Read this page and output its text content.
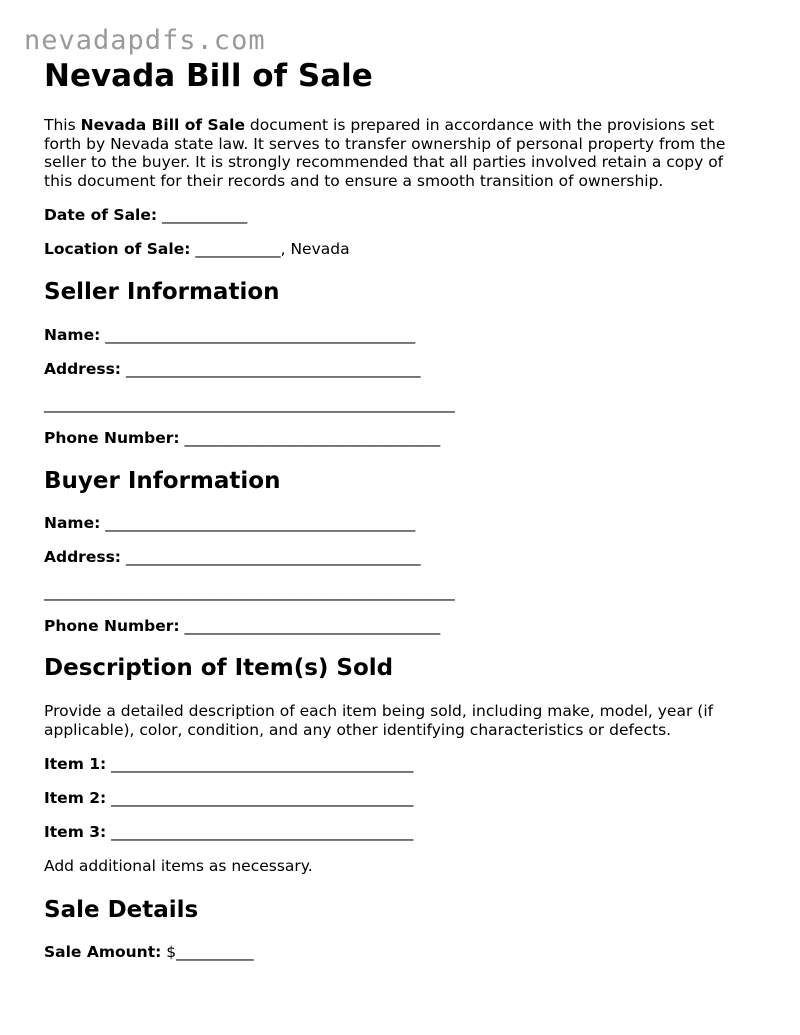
nevadapdfs.com
Nevada Bill of Sale

This Nevada Bill of Sale document is prepared in accordance with the provisions set forth by Nevada state law. It serves to transfer ownership of personal property from the seller to the buyer. It is strongly recommended that all parties involved retain a copy of this document for their records and to ensure a smooth transition of ownership.

Date of Sale: ___________
Location of Sale: ___________, Nevada
Seller Information
Name: ________________________________________
Address: ______________________________________
_____________________________________________________
Phone Number: _________________________________
Buyer Information
Name: ________________________________________
Address: ______________________________________
_____________________________________________________
Phone Number: _________________________________
Description of Item(s) Sold

Provide a detailed description of each item being sold, including make, model, year (if applicable), color, condition, and any other identifying characteristics or defects.

Item 1: _______________________________________
Item 2: _______________________________________
Item 3: _______________________________________
Add additional items as necessary.
Sale Details
Sale Amount: $__________
